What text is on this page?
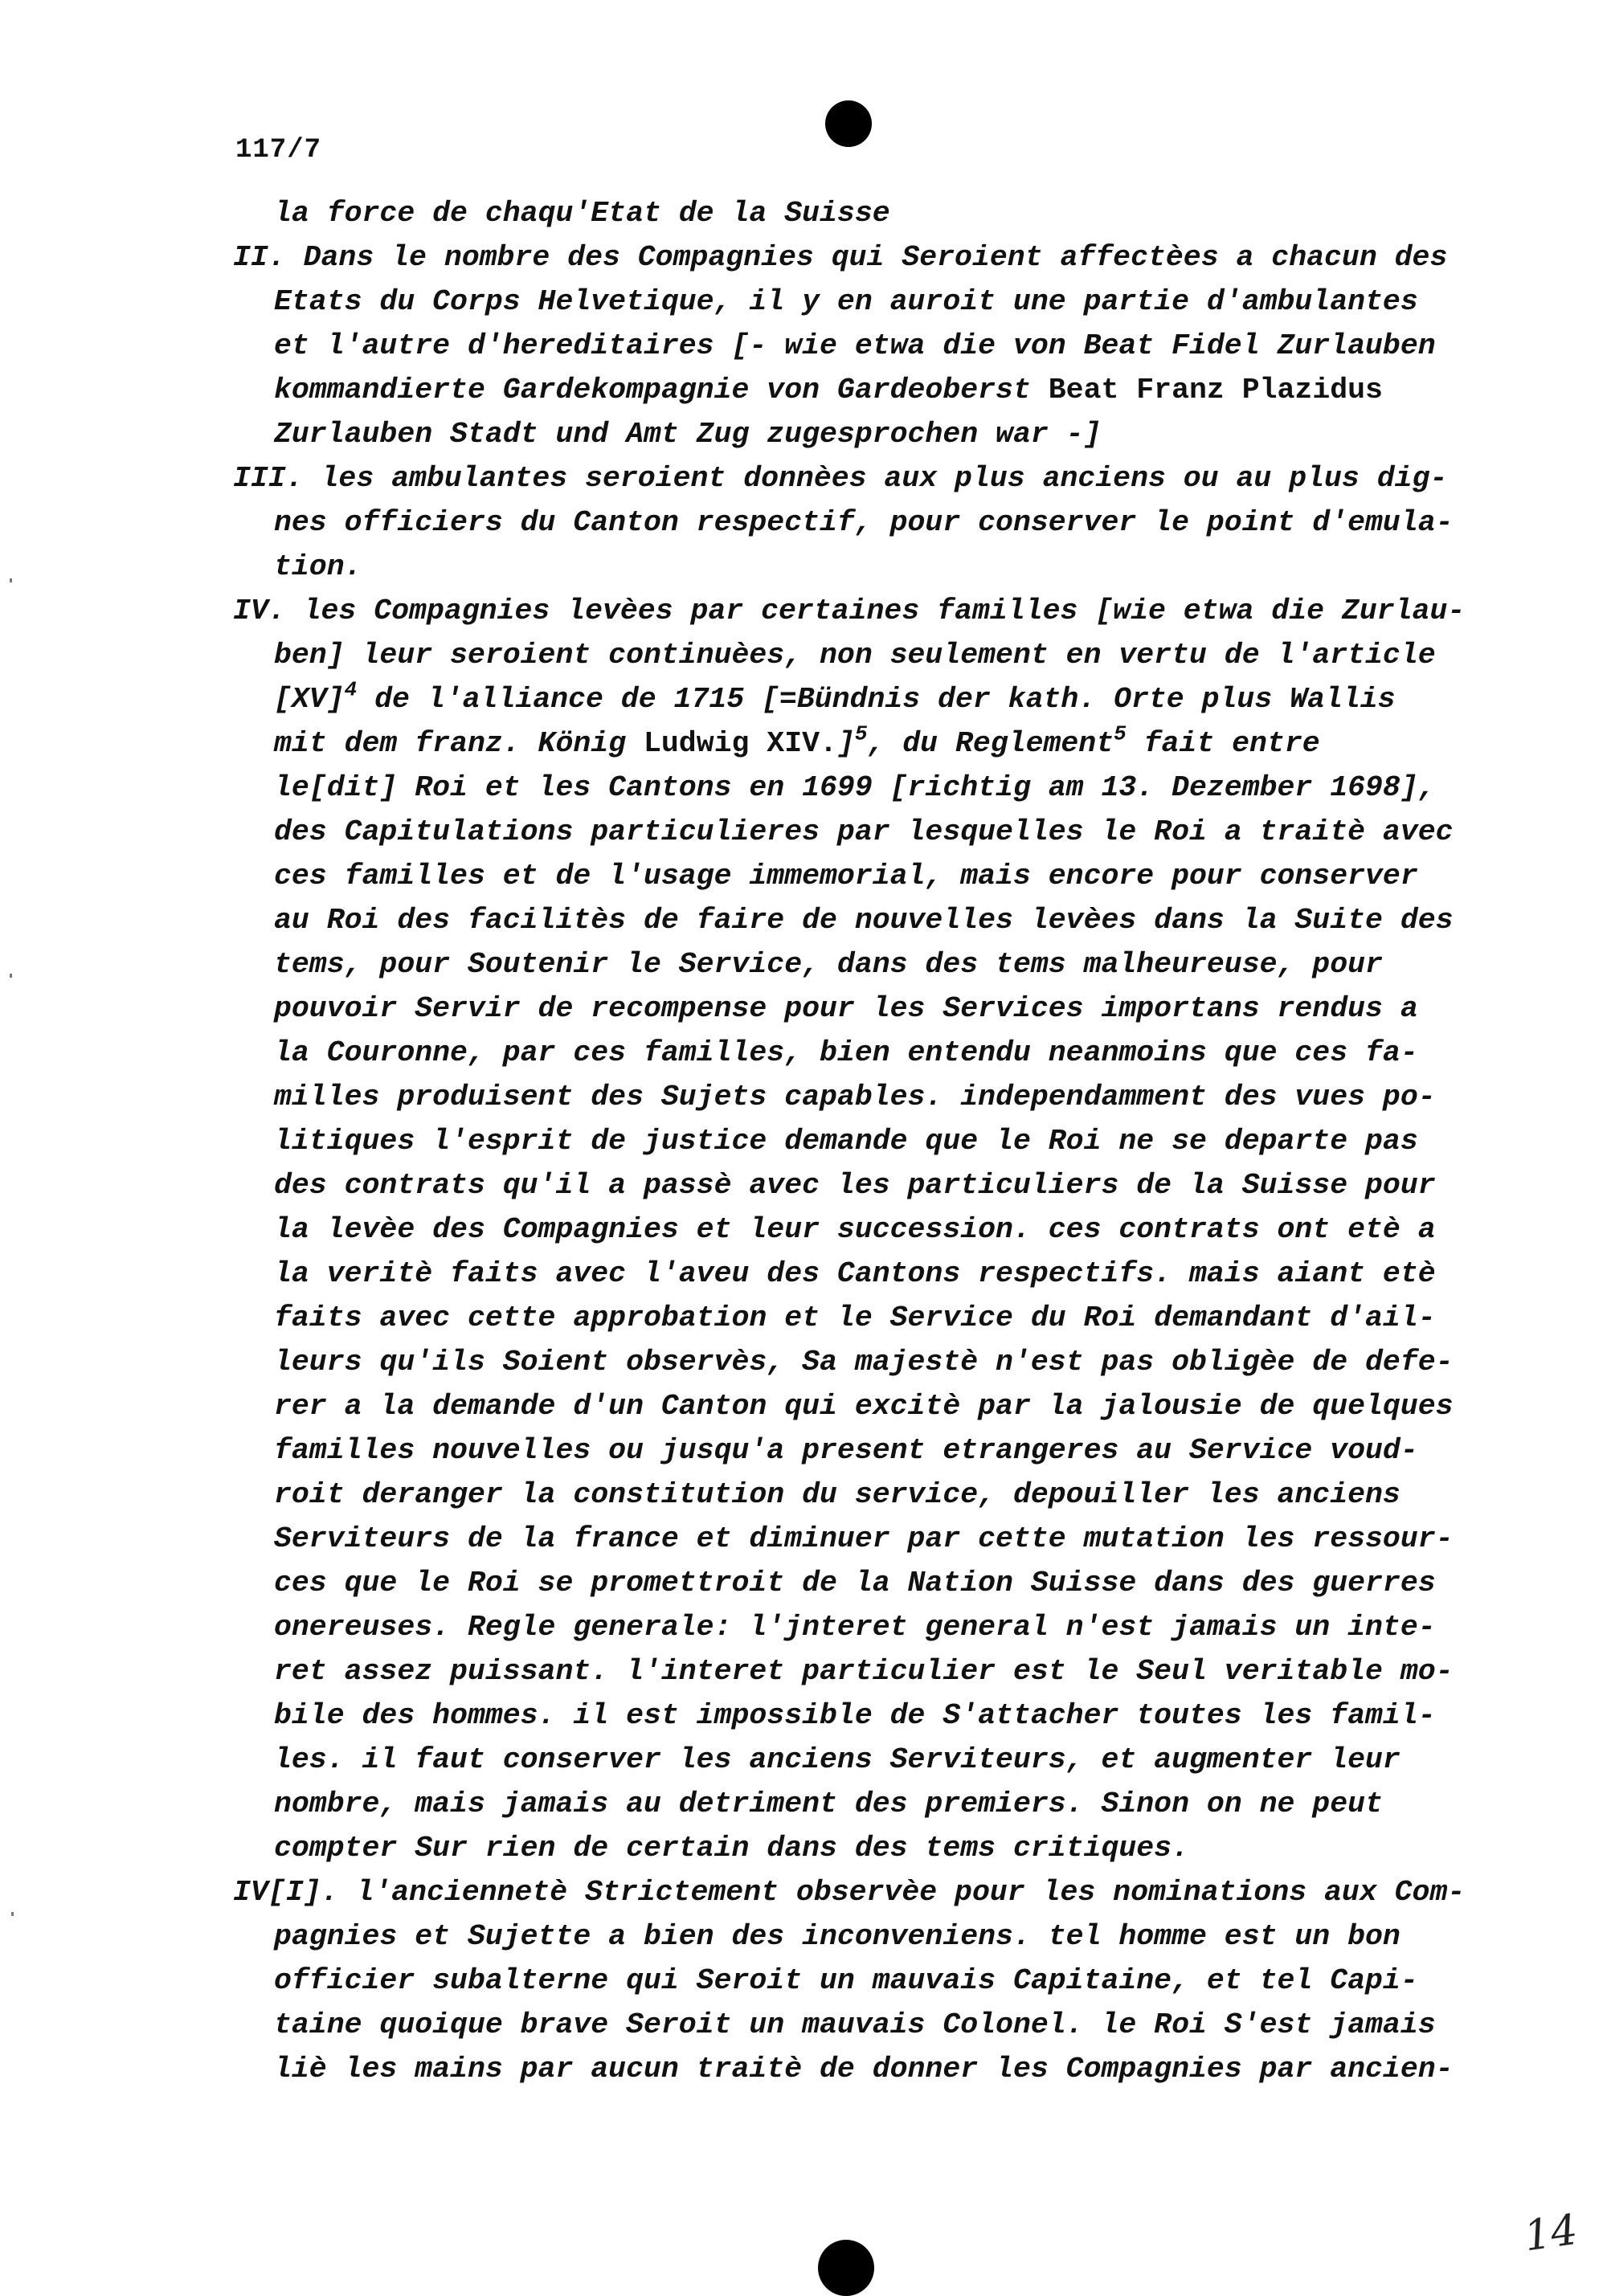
117/7
la force de chaqu'Etat de la Suisse
II. Dans le nombre des Compagnies qui Seroient affectèes a chacun des
Etats du Corps Helvetique, il y en auroit une partie d'ambulantes
et l'autre d'hereditaires [- wie etwa die von Beat Fidel Zurlauben
kommandierte Gardekompagnie von Gardeoberst Beat Franz Plazidus
Zurlauben Stadt und Amt Zug zugesprochen war -]
III. les ambulantes seroient donnèes aux plus anciens ou au plus dig-
nes officiers du Canton respectif, pour conserver le point d'emula-
tion.
IV. les Compagnies levèes par certaines familles [wie etwa die Zurlau-
ben] leur seroient continuèes, non seulement en vertu de l'article
[XV]$^4$ de l'alliance de 1715 [=Bündnis der kath. Orte plus Wallis
mit dem franz. König Ludwig XIV.]$^5$, du Reglement$^5$ fait entre
le[dit] Roi et les Cantons en 1699 [richtig am 13. Dezember 1698],
des Capitulations particulieres par lesquelles le Roi a traitè avec
ces familles et de l'usage immemorial, mais encore pour conserver
au Roi des facilitès de faire de nouvelles levèes dans la Suite des
tems, pour Soutenir le Service, dans des tems malheureuse, pour
pouvoir Servir de recompense pour les Services importans rendus a
la Couronne, par ces familles, bien entendu neanmoins que ces fa-
milles produisent des Sujets capables. independamment des vues po-
litiques l'esprit de justice demande que le Roi ne se departe pas
des contrats qu'il a passè avec les particuliers de la Suisse pour
la levèe des Compagnies et leur succession. ces contrats ont etè a
la veritè faits avec l'aveu des Cantons respectifs. mais aiant etè
faits avec cette approbation et le Service du Roi demandant d'ail-
leurs qu'ils Soient observès, Sa majestè n'est pas obligèe de defe-
rer a la demande d'un Canton qui excitè par la jalousie de quelques
familles nouvelles ou jusqu'a present etrangeres au Service voud-
roit deranger la constitution du service, depouiller les anciens
Serviteurs de la france et diminuer par cette mutation les ressour-
ces que le Roi se promettroit de la Nation Suisse dans des guerres
onereuses. Regle generale: l'jnteret general n'est jamais un inte-
ret assez puissant. l'interet particulier est le Seul veritable mo-
bile des hommes. il est impossible de S'attacher toutes les famil-
les. il faut conserver les anciens Serviteurs, et augmenter leur
nombre, mais jamais au detriment des premiers. Sinon on ne peut
compter Sur rien de certain dans des tems critiques.
IV[I]. l'anciennetè Strictement observèe pour les nominations aux Com-
pagnies et Sujette a bien des inconveniens. tel homme est un bon
officier subalterne qui Seroit un mauvais Capitaine, et tel Capi-
taine quoique brave Seroit un mauvais Colonel. le Roi S'est jamais
liè les mains par aucun traitè de donner les Compagnies par ancien-
14
